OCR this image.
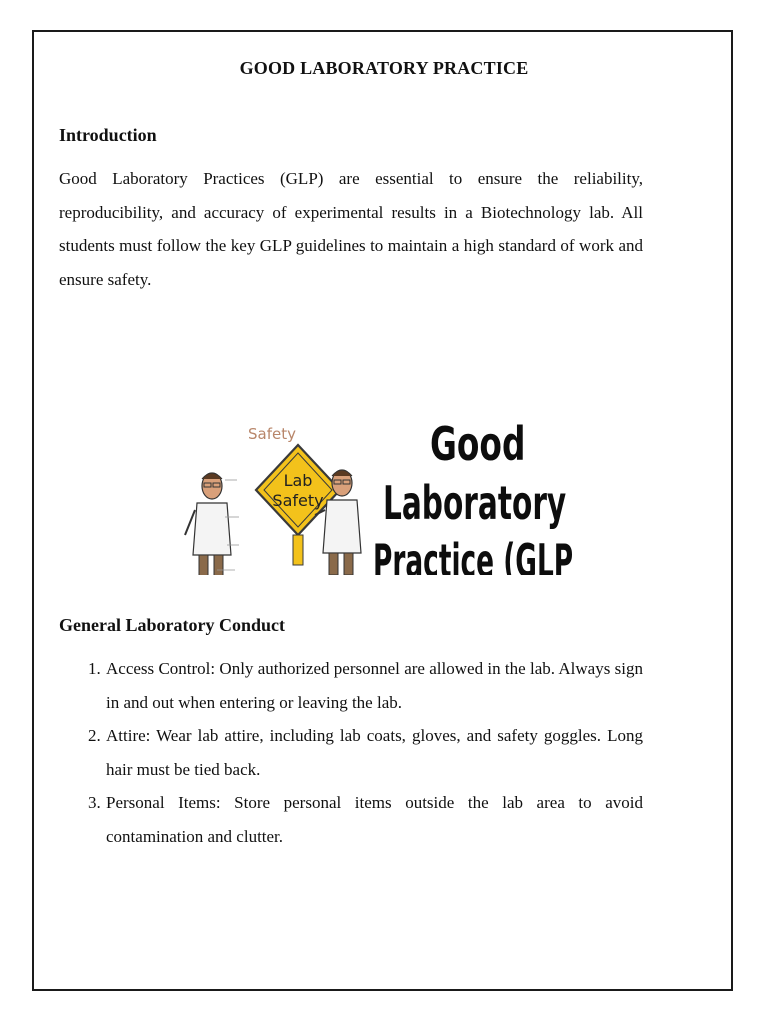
GOOD LABORATORY PRACTICE
Introduction

Good Laboratory Practices (GLP) are essential to ensure the reliability, reproducibility, and accuracy of experimental results in a Biotechnology lab. All students must follow the key GLP guidelines to maintain a high standard of work and ensure safety.

Safety
Lab
Safety
Good
Laboratory
Practice (GLP
General Laboratory Conduct
1 . Access Control: Only authorized personnel are allowed in the lab. Always sign in and out when entering or leaving the lab.
2 . Attire: Wear lab attire, including lab coats, gloves, and safety goggles. Long hair must be tied back.
3 . Personal Items: Store personal items outside the lab area to avoid contamination and clutter.
